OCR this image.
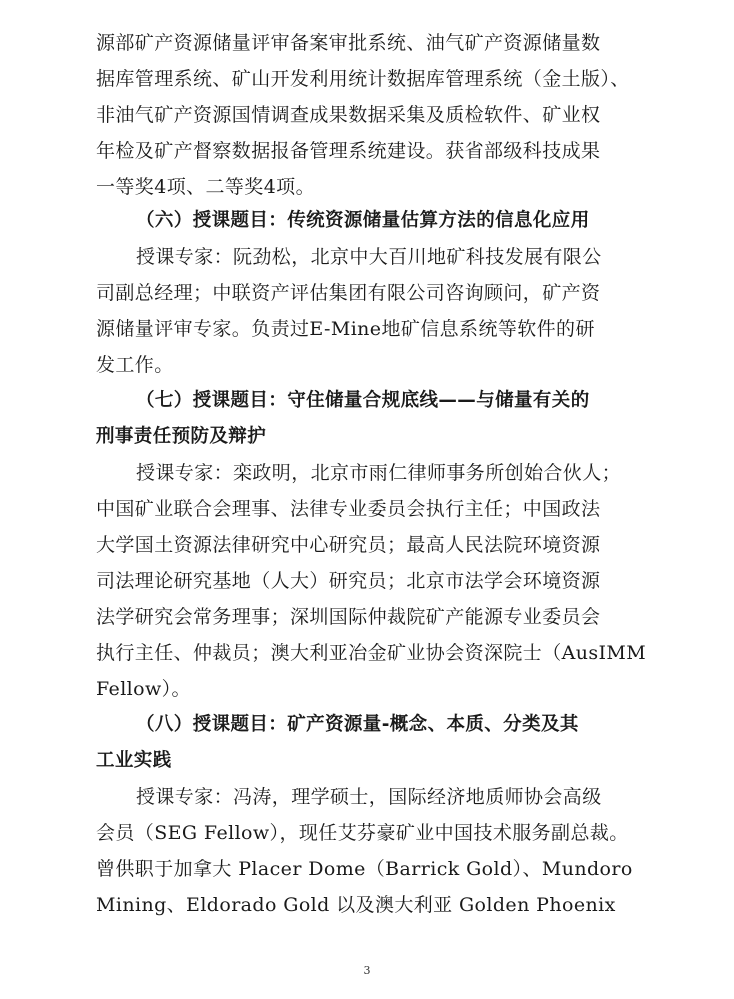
源部矿产资源储量评审备案审批系统、油气矿产资源储量数
据库管理系统、矿山开发利用统计数据库管理系统（金土版）、
非油气矿产资源国情调查成果数据采集及质检软件、矿业权
年检及矿产督察数据报备管理系统建设。获省部级科技成果
一等奖4项、二等奖4项。
（六）授课题目：传统资源储量估算方法的信息化应用
授课专家：阮劲松，北京中大百川地矿科技发展有限公
司副总经理；中联资产评估集团有限公司咨询顾问，矿产资
源储量评审专家。负责过E-Mine地矿信息系统等软件的研
发工作。
（七）授课题目：守住储量合规底线——与储量有关的
刑事责任预防及辩护
授课专家：栾政明，北京市雨仁律师事务所创始合伙人；
中国矿业联合会理事、法律专业委员会执行主任；中国政法
大学国土资源法律研究中心研究员；最高人民法院环境资源
司法理论研究基地（人大）研究员；北京市法学会环境资源
法学研究会常务理事；深圳国际仲裁院矿产能源专业委员会
执行主任、仲裁员；澳大利亚冶金矿业协会资深院士（AusIMM
Fellow）。
（八）授课题目：矿产资源量-概念、本质、分类及其
工业实践
授课专家：冯涛，理学硕士，国际经济地质师协会高级
会员（SEG Fellow），现任艾芬豪矿业中国技术服务副总裁。
曾供职于加拿大 Placer Dome（Barrick Gold）、Mundoro
Mining、Eldorado Gold 以及澳大利亚 Golden Phoenix
3
